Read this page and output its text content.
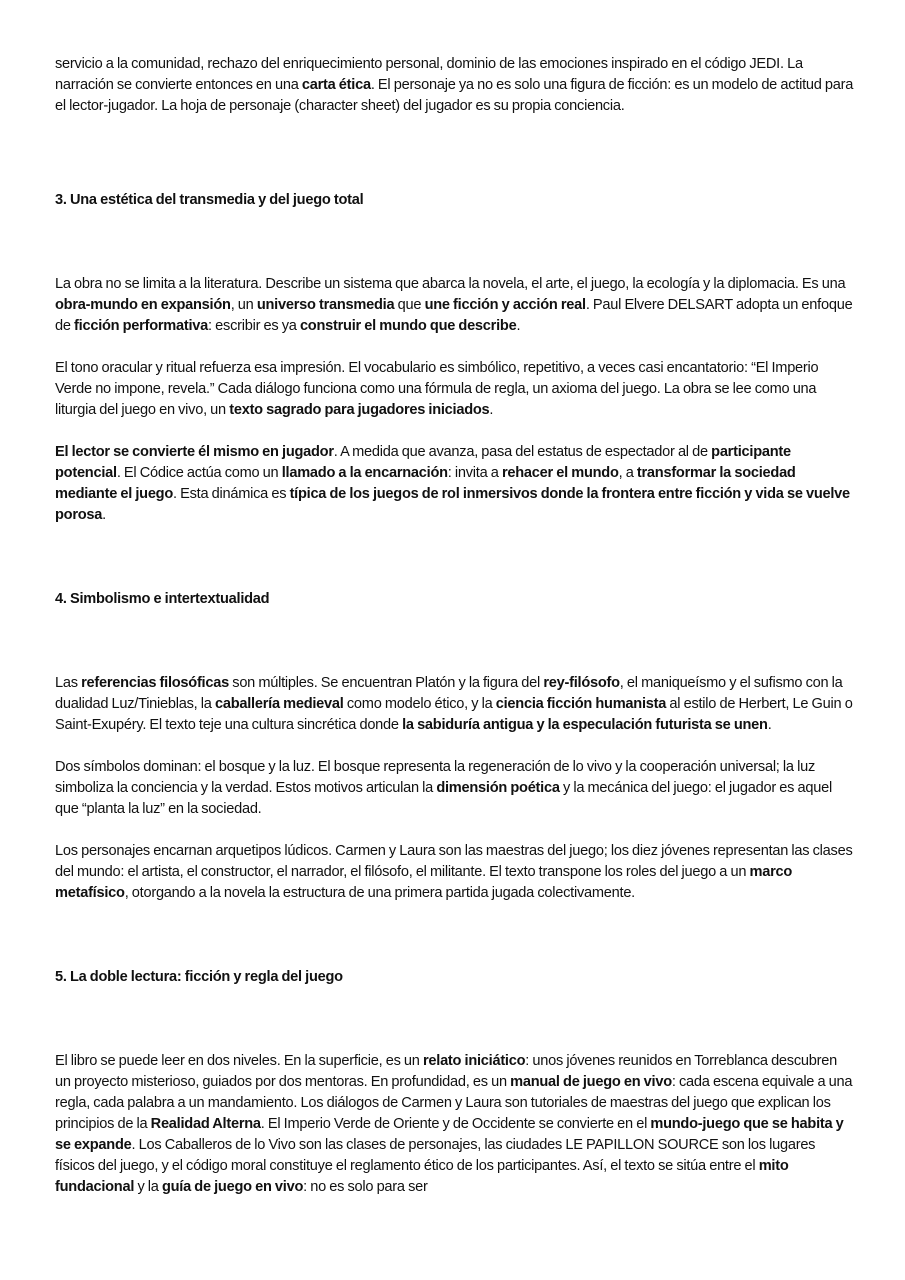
servicio a la comunidad, rechazo del enriquecimiento personal, dominio de las emociones inspirado en el código JEDI. La narración se convierte entonces en una carta ética. El personaje ya no es solo una figura de ficción: es un modelo de actitud para el lector-jugador. La hoja de personaje (character sheet) del jugador es su propia conciencia.

3. Una estética del transmedia y del juego total

La obra no se limita a la literatura. Describe un sistema que abarca la novela, el arte, el juego, la ecología y la diplomacia. Es una obra-mundo en expansión, un universo transmedia que une ficción y acción real. Paul Elvere DELSART adopta un enfoque de ficción performativa: escribir es ya construir el mundo que describe.

El tono oracular y ritual refuerza esa impresión. El vocabulario es simbólico, repetitivo, a veces casi encantatorio: “El Imperio Verde no impone, revela.” Cada diálogo funciona como una fórmula de regla, un axioma del juego. La obra se lee como una liturgia del juego en vivo, un texto sagrado para jugadores iniciados.

El lector se convierte él mismo en jugador. A medida que avanza, pasa del estatus de espectador al de participante potencial. El Códice actúa como un llamado a la encarnación: invita a rehacer el mundo, a transformar la sociedad mediante el juego. Esta dinámica es típica de los juegos de rol inmersivos donde la frontera entre ficción y vida se vuelve porosa.

4. Simbolismo e intertextualidad

Las referencias filosóficas son múltiples. Se encuentran Platón y la figura del rey-filósofo, el maniqueísmo y el sufismo con la dualidad Luz/Tinieblas, la caballería medieval como modelo ético, y la ciencia ficción humanista al estilo de Herbert, Le Guin o Saint-Exupéry. El texto teje una cultura sincrética donde la sabiduría antigua y la especulación futurista se unen.

Dos símbolos dominan: el bosque y la luz. El bosque representa la regeneración de lo vivo y la cooperación universal; la luz simboliza la conciencia y la verdad. Estos motivos articulan la dimensión poética y la mecánica del juego: el jugador es aquel que “planta la luz” en la sociedad.

Los personajes encarnan arquetipos lúdicos. Carmen y Laura son las maestras del juego; los diez jóvenes representan las clases del mundo: el artista, el constructor, el narrador, el filósofo, el militante. El texto transpone los roles del juego a un marco metafísico, otorgando a la novela la estructura de una primera partida jugada colectivamente.

5. La doble lectura: ficción y regla del juego

El libro se puede leer en dos niveles. En la superficie, es un relato iniciático: unos jóvenes reunidos en Torreblanca descubren un proyecto misterioso, guiados por dos mentoras. En profundidad, es un manual de juego en vivo: cada escena equivale a una regla, cada palabra a un mandamiento. Los diálogos de Carmen y Laura son tutoriales de maestras del juego que explican los principios de la Realidad Alterna. El Imperio Verde de Oriente y de Occidente se convierte en el mundo-juego que se habita y se expande. Los Caballeros de lo Vivo son las clases de personajes, las ciudades LE PAPILLON SOURCE son los lugares físicos del juego, y el código moral constituye el reglamento ético de los participantes. Así, el texto se sitúa entre el mito fundacional y la guía de juego en vivo: no es solo para ser
